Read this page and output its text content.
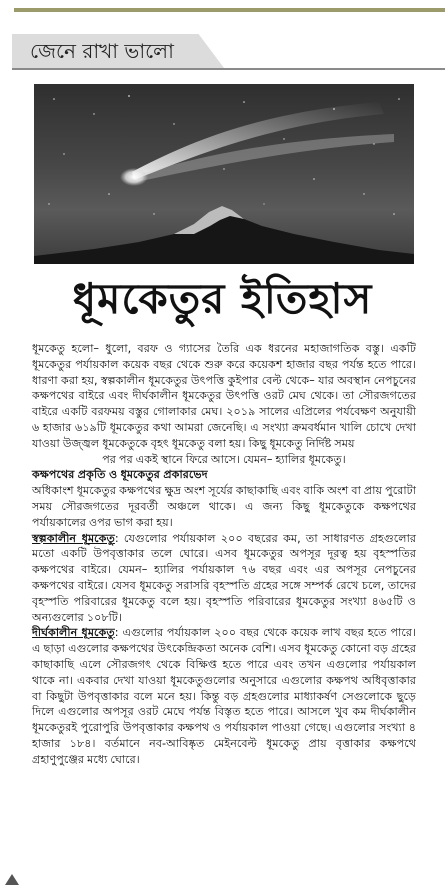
জেনে রাখা ভালো
ধূমকেতুর ইতিহাস

ধূমকেতু হলো– ধুলো, বরফ ও গ্যাসের তৈরি এক ধরনের মহাজাগতিক বস্তু। একটি ধূমকেতুর পর্যায়কাল কয়েক বছর থেকে শুরু করে কয়েকশ হাজার বছর পর্যন্ত হতে পারে। ধারণা করা হয়, স্বল্পকালীন ধূমকেতুর উৎপত্তি কুইপার বেল্ট থেকে– যার অবস্থান নেপচুনের কক্ষপথের বাইরে এবং দীর্ঘকালীন ধূমকেতুর উৎপত্তি ওরট মেঘ থেকে। তা সৌরজগতের বাইরে একটি বরফময় বস্তুর গোলাকার মেঘ। ২০১৯ সালের এপ্রিলের পর্যবেক্ষণ অনুযায়ী ৬ হাজার ৬১৯টি ধূমকেতুর কথা আমরা জেনেছি। এ সংখ্যা ক্রমবর্ধমান খালি চোখে দেখা যাওয়া উজ্জ্বল ধূমকেতুকে বৃহৎ ধূমকেতু বলা হয়। কিছু ধূমকেতু নির্দিষ্ট সময়

পর পর একই স্থানে ফিরে আসে। যেমন– হ্যালির ধূমকেতু।

কক্ষপথের প্রকৃতি ও ধূমকেতুর প্রকারভেদ

অধিকাংশ ধূমকেতুর কক্ষপথের ক্ষুদ্র অংশ সূর্যের কাছাকাছি এবং বাকি অংশ বা প্রায় পুরোটা সময় সৌরজগতের দূরবর্তী অঞ্চলে থাকে। এ জন্য কিছু ধূমকেতুকে কক্ষপথের পর্যায়কালের ওপর ভাগ করা হয়।

স্বল্পকালীন ধূমকেতু: যেগুলোর পর্যায়কাল ২০০ বছরের কম, তা সাধারণত গ্রহগুলোর মতো একটি উপবৃত্তাকার তলে ঘোরে। এসব ধূমকেতুর অপসূর দূরত্ব হয় বৃহস্পতির কক্ষপথের বাইরে। যেমন– হ্যালির পর্যায়কাল ৭৬ বছর এবং এর অপসূর নেপচুনের কক্ষপথের বাইরে। যেসব ধূমকেতু সরাসরি বৃহস্পতি গ্রহের সঙ্গে সম্পর্ক রেখে চলে, তাদের বৃহস্পতি পরিবারের ধূমকেতু বলে হয়। বৃহস্পতি পরিবারের ধূমকেতুর সংখ্যা ৪৬৫টি ও অন্যগুলোর ১০৮টি।

দীর্ঘকালীন ধূমকেতু: এগুলোর পর্যায়কাল ২০০ বছর থেকে কয়েক লাখ বছর হতে পারে। এ ছাড়া এগুলোর কক্ষপথের উৎকেন্দ্রিকতা অনেক বেশি। এসব ধূমকেতু কোনো বড় গ্রহের কাছাকাছি এলে সৌরজগৎ থেকে বিক্ষিপ্ত হতে পারে এবং তখন এগুলোর পর্যায়কাল থাকে না। একবার দেখা যাওয়া ধূমকেতুগুলোর অনুসারে এগুলোর কক্ষপথ অধিবৃত্তাকার বা কিছুটা উপবৃত্তাকার বলে মনে হয়। কিন্তু বড় গ্রহগুলোর মাধ্যাকর্ষণ সেগুলোকে ছুড়ে দিলে এগুলোর অপসূর ওরট মেঘে পর্যন্ত বিস্তৃত হতে পারে। আসলে খুব কম দীর্ঘকালীন ধূমকেতুরই পুরোপুরি উপবৃত্তাকার কক্ষপথ ও পর্যায়কাল পাওয়া গেছে। এগুলোর সংখ্যা ৪ হাজার ১৮৪। বর্তমানে নব-আবিষ্কৃত মেইনবেল্ট ধূমকেতু প্রায় বৃত্তাকার কক্ষপথে গ্রহাণুপুঞ্জের মধ্যে ঘোরে।
